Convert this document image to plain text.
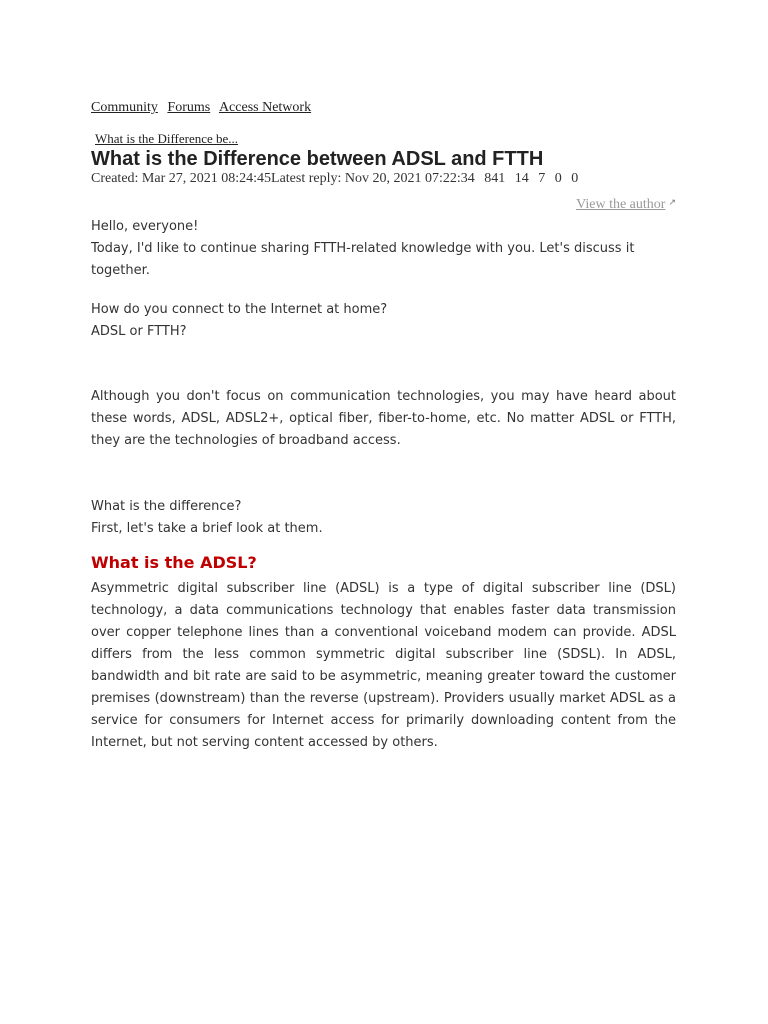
Community Forums Access Network
What is the Difference be...
What is the Difference between ADSL and FTTH
Created: Mar 27, 2021 08:24:45Latest reply: Nov 20, 2021 07:22:34 841 14 7 0 0
View the author ↗

Hello, everyone!

Today, I'd like to continue sharing FTTH-related knowledge with you. Let's discuss it together.

How do you connect to the Internet at home?

ADSL or FTTH?

Although you don't focus on communication technologies, you may have heard about these words, ADSL, ADSL2+, optical fiber, fiber-to-home, etc. No matter ADSL or FTTH, they are the technologies of broadband access.

What is the difference?

First, let's take a brief look at them.

What is the ADSL?

Asymmetric digital subscriber line (ADSL) is a type of digital subscriber line (DSL) technology, a data communications technology that enables faster data transmission over copper telephone lines than a conventional voiceband modem can provide. ADSL differs from the less common symmetric digital subscriber line (SDSL). In ADSL, bandwidth and bit rate are said to be asymmetric, meaning greater toward the customer premises (downstream) than the reverse (upstream). Providers usually market ADSL as a service for consumers for Internet access for primarily downloading content from the Internet, but not serving content accessed by others.
